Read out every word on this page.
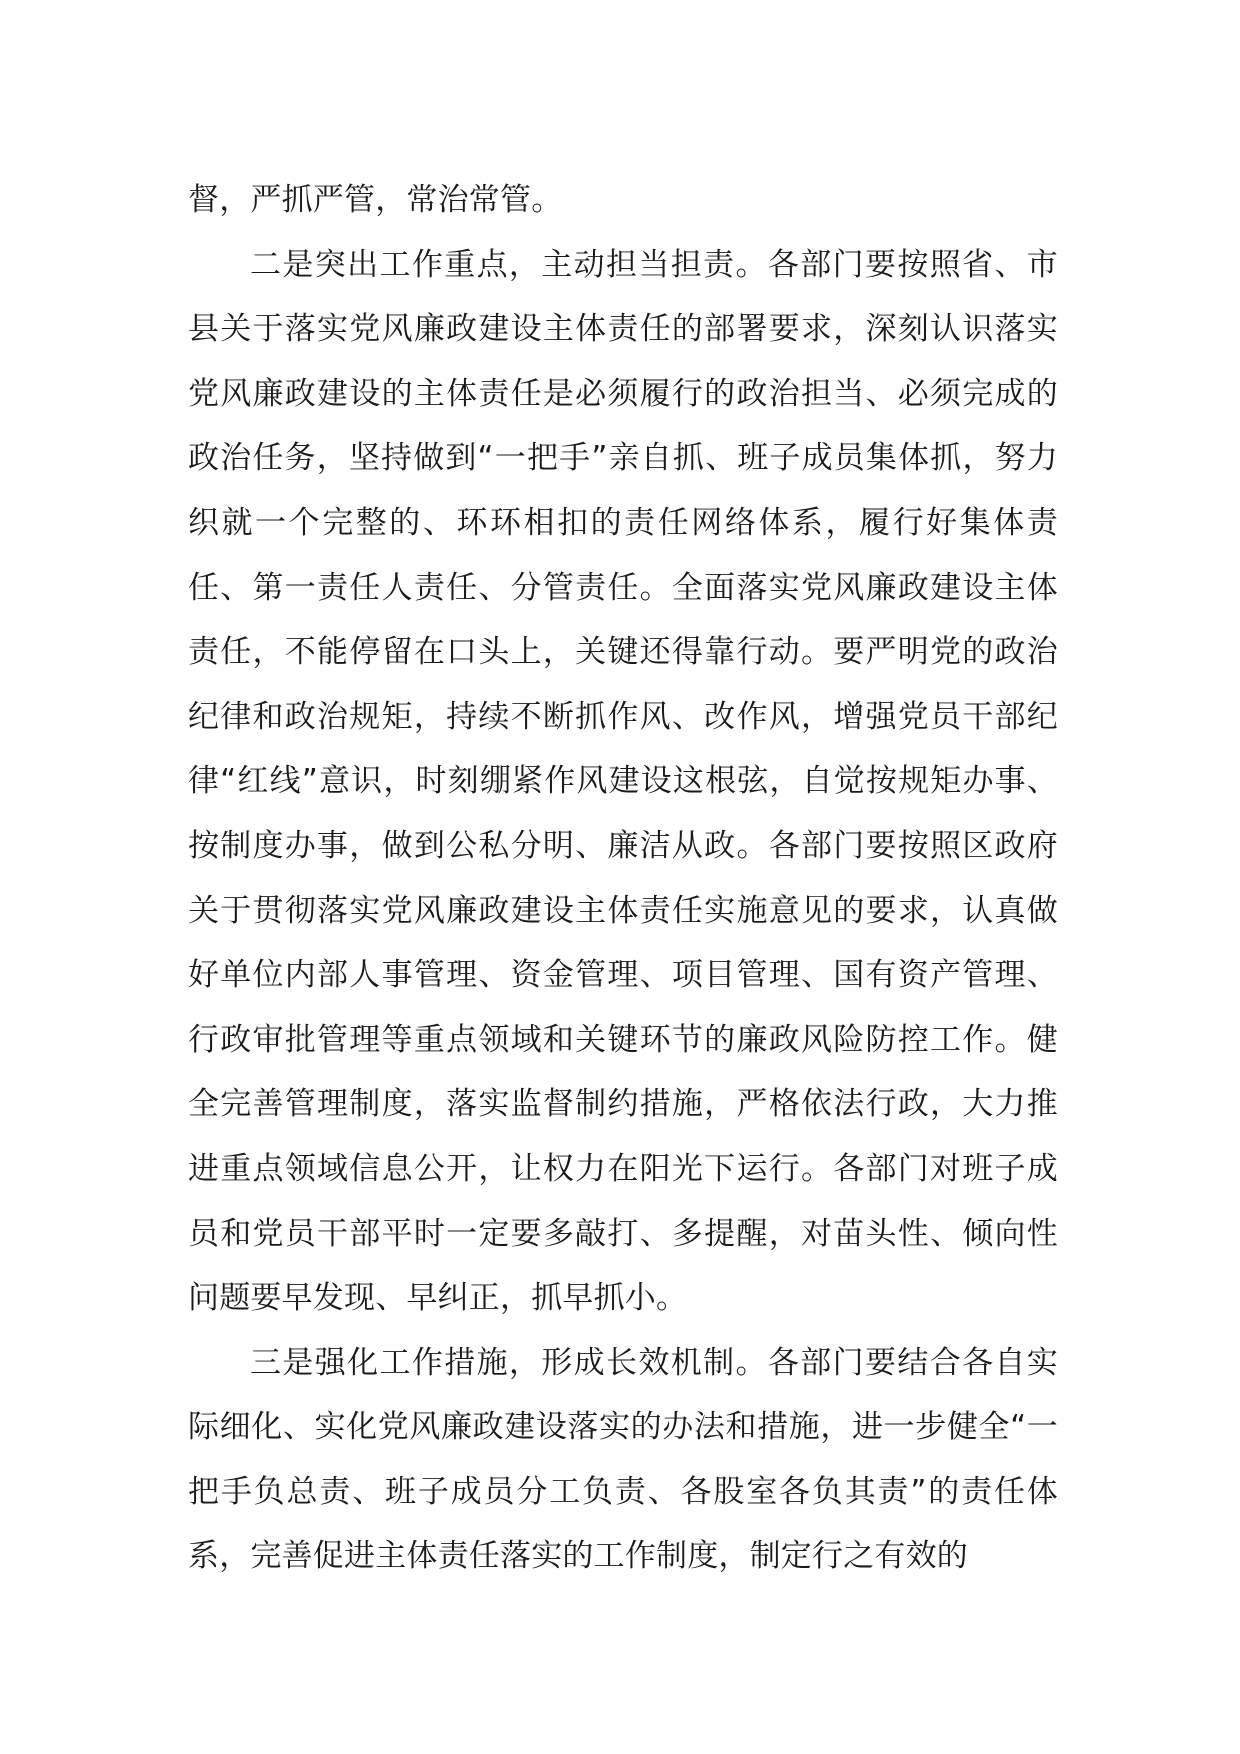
督，严抓严管，常治常管。

二是突出工作重点，主动担当担责。各部门要按照省、市县关于落实党风廉政建设主体责任的部署要求，深刻认识落实党风廉政建设的主体责任是必须履行的政治担当、必须完成的政治任务，坚持做到“一把手”亲自抓、班子成员集体抓，努力织就一个完整的、环环相扣的责任网络体系，履行好集体责任、第一责任人责任、分管责任。全面落实党风廉政建设主体责任，不能停留在口头上，关键还得靠行动。要严明党的政治纪律和政治规矩，持续不断抓作风、改作风，增强党员干部纪律“红线”意识，时刻绷紧作风建设这根弦，自觉按规矩办事、按制度办事，做到公私分明、廉洁从政。各部门要按照区政府关于贯彻落实党风廉政建设主体责任实施意见的要求，认真做好单位内部人事管理、资金管理、项目管理、国有资产管理、行政审批管理等重点领域和关键环节的廉政风险防控工作。健全完善管理制度，落实监督制约措施，严格依法行政，大力推进重点领域信息公开，让权力在阳光下运行。各部门对班子成员和党员干部平时一定要多敲打、多提醒，对苗头性、倾向性问题要早发现、早纠正，抓早抓小。

三是强化工作措施，形成长效机制。各部门要结合各自实际细化、实化党风廉政建设落实的办法和措施，进一步健全“一把手负总责、班子成员分工负责、各股室各负其责”的责任体系，完善促进主体责任落实的工作制度，制定行之有效的
